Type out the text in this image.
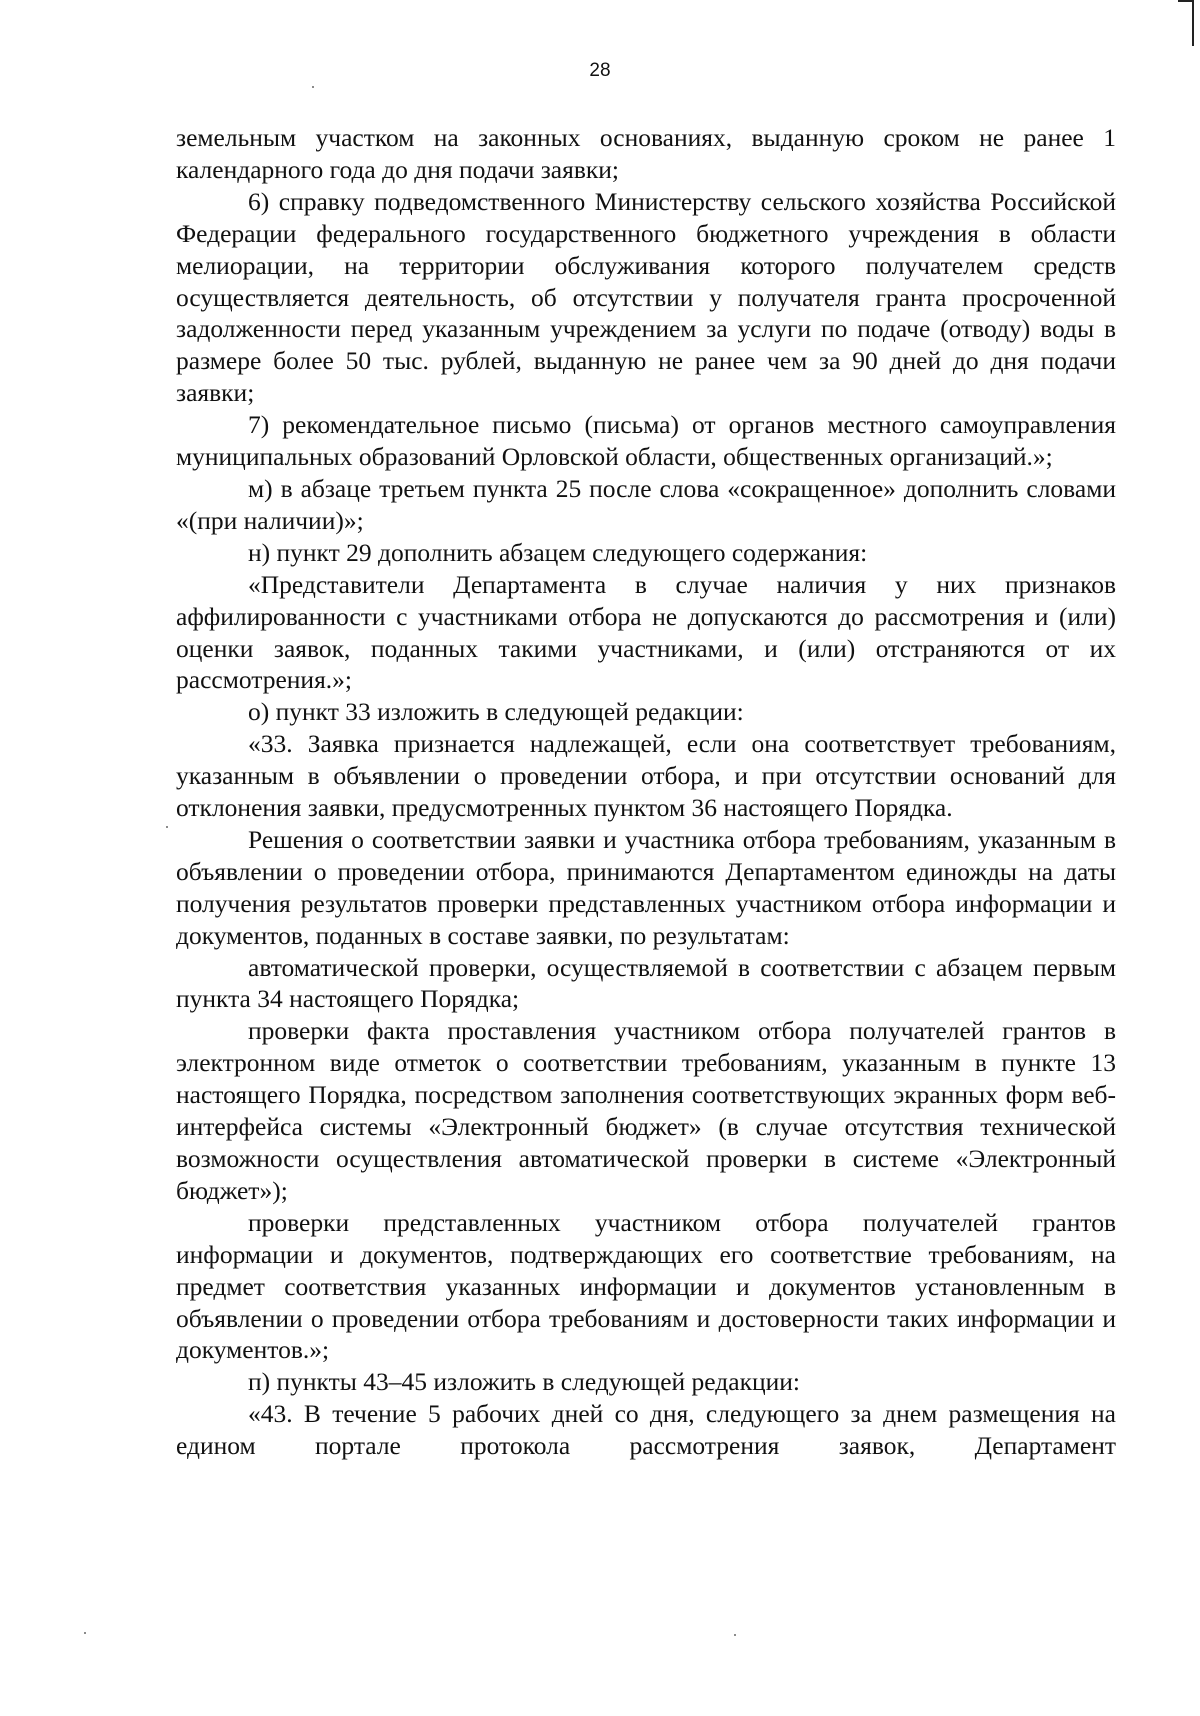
28

земельным участком на законных основаниях, выданную сроком не ранее 1 календарного года до дня подачи заявки;

6) справку подведомственного Министерству сельского хозяйства Российской Федерации федерального государственного бюджетного учреждения в области мелиорации, на территории обслуживания которого получателем средств осуществляется деятельность, об отсутствии у получателя гранта просроченной задолженности перед указанным учреждением за услуги по подаче (отводу) воды в размере более 50 тыс. рублей, выданную не ранее чем за 90 дней до дня подачи заявки;

7) рекомендательное письмо (письма) от органов местного самоуправления муниципальных образований Орловской области, общественных организаций.»;

м) в абзаце третьем пункта 25 после слова «сокращенное» дополнить словами «(при наличии)»;

н) пункт 29 дополнить абзацем следующего содержания:

«Представители Департамента в случае наличия у них признаков аффилированности с участниками отбора не допускаются до рассмотрения и (или) оценки заявок, поданных такими участниками, и (или) отстраняются от их рассмотрения.»;

о) пункт 33 изложить в следующей редакции:

«33. Заявка признается надлежащей, если она соответствует требованиям, указанным в объявлении о проведении отбора, и при отсутствии оснований для отклонения заявки, предусмотренных пунктом 36 настоящего Порядка.

Решения о соответствии заявки и участника отбора требованиям, указанным в объявлении о проведении отбора, принимаются Департаментом единожды на даты получения результатов проверки представленных участником отбора информации и документов, поданных в составе заявки, по результатам:

автоматической проверки, осуществляемой в соответствии с абзацем первым пункта 34 настоящего Порядка;

проверки факта проставления участником отбора получателей грантов в электронном виде отметок о соответствии требованиям, указанным в пункте 13 настоящего Порядка, посредством заполнения соответствующих экранных форм веб-интерфейса системы «Электронный бюджет» (в случае отсутствия технической возможности осуществления автоматической проверки в системе «Электронный бюджет»);

проверки представленных участником отбора получателей грантов информации и документов, подтверждающих его соответствие требованиям, на предмет соответствия указанных информации и документов установленным в объявлении о проведении отбора требованиям и достоверности таких информации и документов.»;

п) пункты 43–45 изложить в следующей редакции:

«43. В течение 5 рабочих дней со дня, следующего за днем размещения на едином портале протокола рассмотрения заявок, Департамент
